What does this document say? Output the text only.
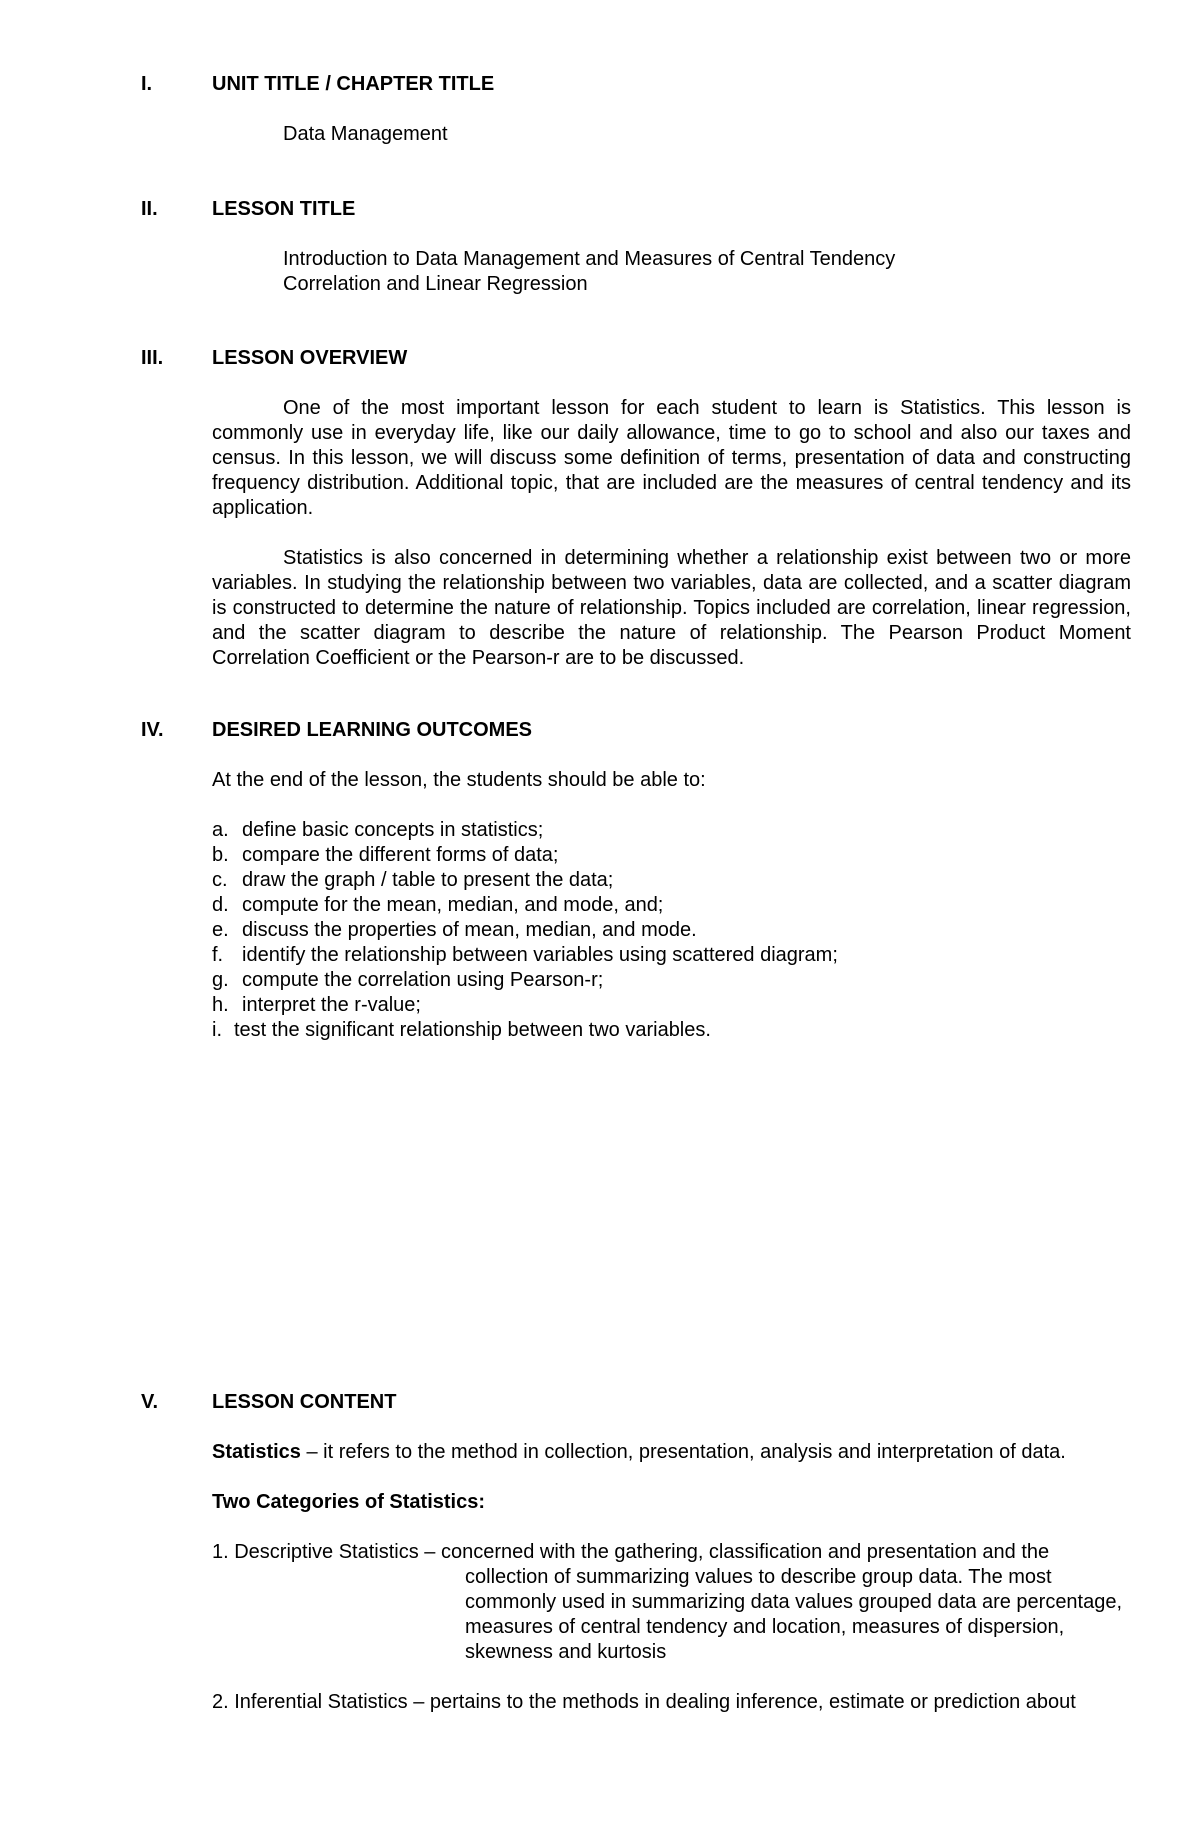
I.	UNIT TITLE / CHAPTER TITLE
Data Management
II.	LESSON TITLE
Introduction to Data Management and Measures of Central Tendency
Correlation and Linear Regression
III. LESSON OVERVIEW

One of the most important lesson for each student to learn is Statistics. This lesson is commonly use in everyday life, like our daily allowance, time to go to school and also our taxes and census. In this lesson, we will discuss some definition of terms, presentation of data and constructing frequency distribution. Additional topic, that are included are the measures of central tendency and its application.

Statistics is also concerned in determining whether a relationship exist between two or more variables. In studying the relationship between two variables, data are collected, and a scatter diagram is constructed to determine the nature of relationship. Topics included are correlation, linear regression, and the scatter diagram to describe the nature of relationship. The Pearson Product Moment Correlation Coefficient or the Pearson-r are to be discussed.

IV. DESIRED LEARNING OUTCOMES
At the end of the lesson, the students should be able to:
a. define basic concepts in statistics;
b. compare the different forms of data;
c. draw the graph / table to present the data;
d. compute for the mean, median, and mode, and;
e. discuss the properties of mean, median, and mode.
f. identify the relationship between variables using scattered diagram;
g. compute the correlation using Pearson-r;
h. interpret the r-value;
i. test the significant relationship between two variables.
V.	LESSON CONTENT

Statistics – it refers to the method in collection, presentation, analysis and interpretation of data.

Two Categories of Statistics:
1. Descriptive Statistics – concerned with the gathering, classification and presentation and the
collection of summarizing values to describe group data. The most commonly used in summarizing data values grouped data are percentage, measures of central tendency and location, measures of dispersion, skewness and kurtosis

2. Inferential Statistics – pertains to the methods in dealing inference, estimate or prediction about
